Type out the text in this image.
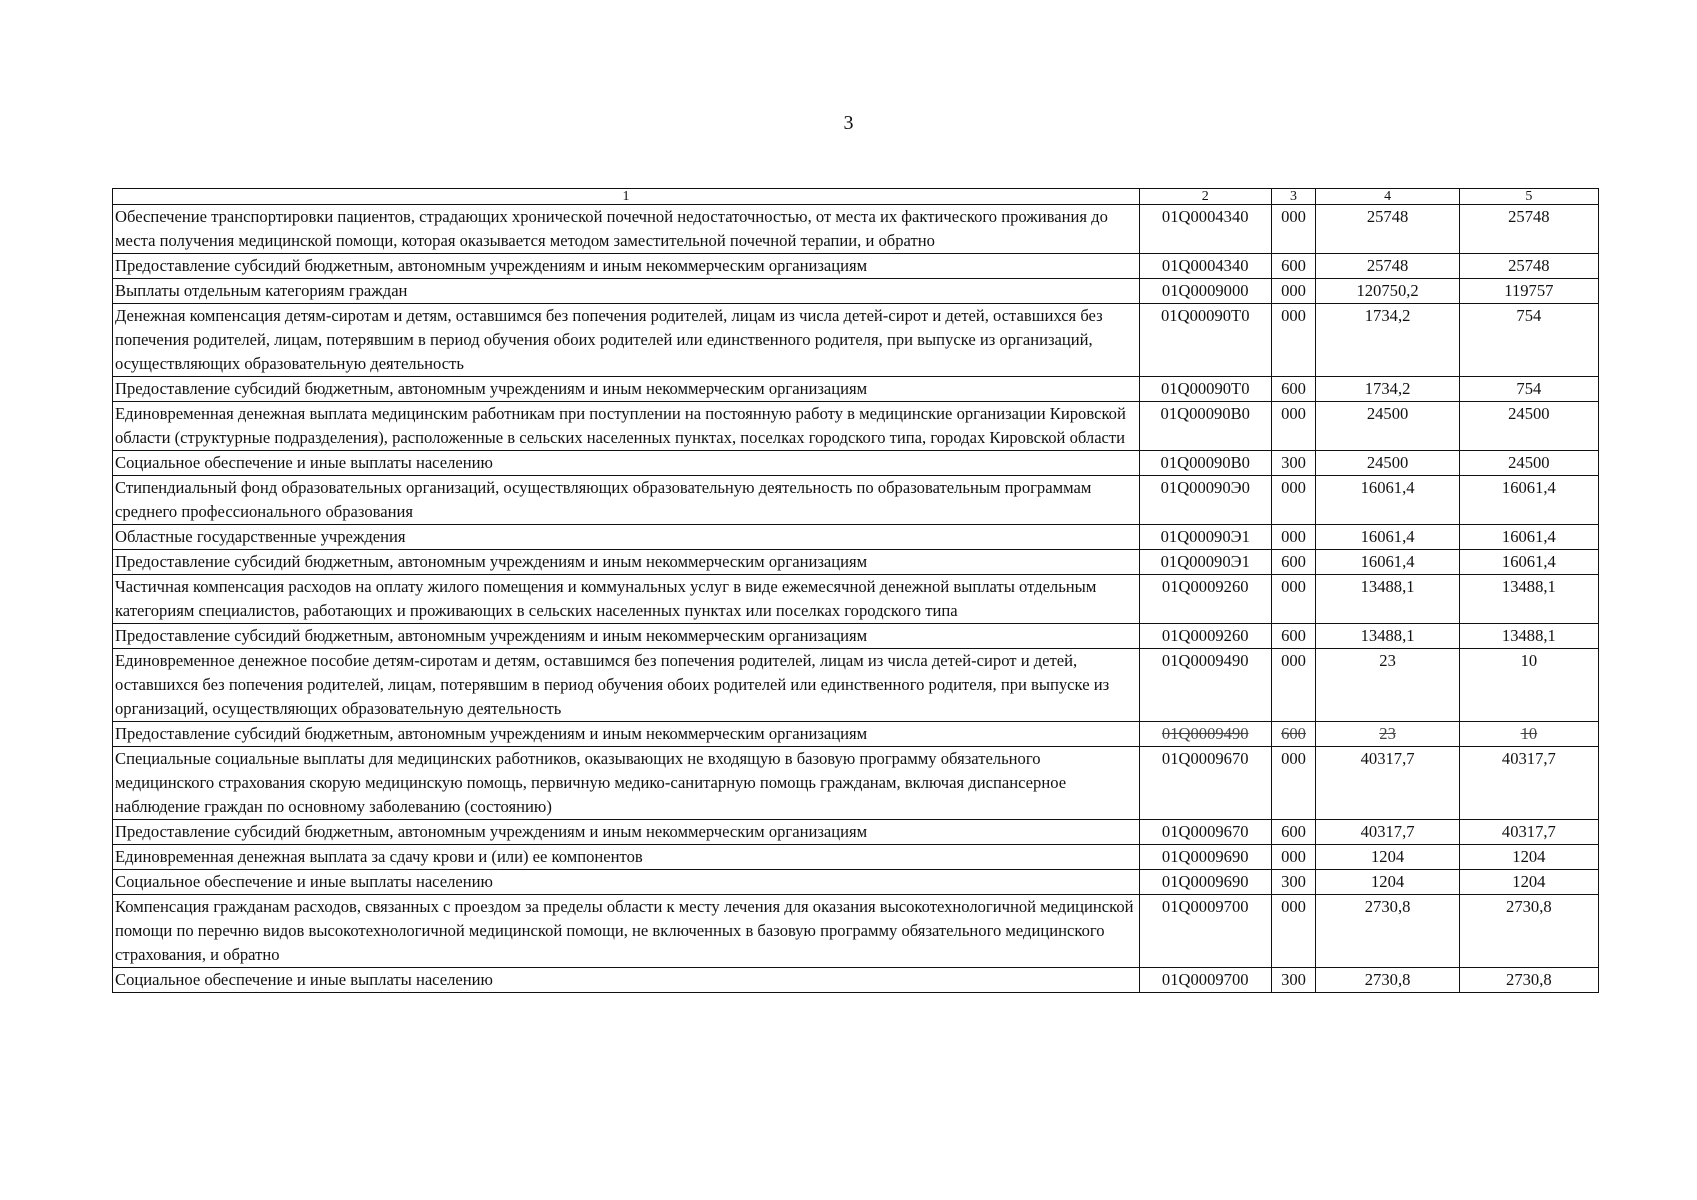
3
1	2	3	4	5
Обеспечение транспортировки пациентов, страдающих хронической почечной недостаточностью, от места их фактического проживания до места получения медицинской помощи, которая оказывается методом заместительной почечной терапии, и обратно	01Q0004340	000	25748	25748
Предоставление субсидий бюджетным, автономным учреждениям и иным некоммерческим организациям	01Q0004340	600	25748	25748
Выплаты отдельным категориям граждан	01Q0009000	000	120750,2	119757
Денежная компенсация детям-сиротам и детям, оставшимся без попечения родителей, лицам из числа детей-сирот и детей, оставшихся без попечения родителей, лицам, потерявшим в период обучения обоих родителей или единственного родителя, при выпуске из организаций, осуществляющих образовательную деятельность	01Q00090T0	000	1734,2	754
Предоставление субсидий бюджетным, автономным учреждениям и иным некоммерческим организациям	01Q00090T0	600	1734,2	754
Единовременная денежная выплата медицинским работникам при поступлении на постоянную работу в медицинские организации Кировской области (структурные подразделения), расположенные в сельских населенных пунктах, поселках городского типа, городах Кировской области	01Q00090B0	000	24500	24500
Социальное обеспечение и иные выплаты населению	01Q00090B0	300	24500	24500
Стипендиальный фонд образовательных организаций, осуществляющих образовательную деятельность по образовательным программам среднего профессионального образования	01Q00090Э0	000	16061,4	16061,4
Областные государственные учреждения	01Q00090Э1	000	16061,4	16061,4
Предоставление субсидий бюджетным, автономным учреждениям и иным некоммерческим организациям	01Q00090Э1	600	16061,4	16061,4
Частичная компенсация расходов на оплату жилого помещения и коммунальных услуг в виде ежемесячной денежной выплаты отдельным категориям специалистов, работающих и проживающих в сельских населенных пунктах или поселках городского типа	01Q0009260	000	13488,1	13488,1
Предоставление субсидий бюджетным, автономным учреждениям и иным некоммерческим организациям	01Q0009260	600	13488,1	13488,1
Единовременное денежное пособие детям-сиротам и детям, оставшимся без попечения родителей, лицам из числа детей-сирот и детей, оставшихся без попечения родителей, лицам, потерявшим в период обучения обоих родителей или единственного родителя, при выпуске из организаций, осуществляющих образовательную деятельность	01Q0009490	000	23	10
Предоставление субсидий бюджетным, автономным учреждениям и иным некоммерческим организациям	01Q0009490	600	23	10
Специальные социальные выплаты для медицинских работников, оказывающих не входящую в базовую программу обязательного медицинского страхования скорую медицинскую помощь, первичную медико-санитарную помощь гражданам, включая диспансерное наблюдение граждан по основному заболеванию (состоянию)	01Q0009670	000	40317,7	40317,7
Предоставление субсидий бюджетным, автономным учреждениям и иным некоммерческим организациям	01Q0009670	600	40317,7	40317,7
Единовременная денежная выплата за сдачу крови и (или) ее компонентов	01Q0009690	000	1204	1204
Социальное обеспечение и иные выплаты населению	01Q0009690	300	1204	1204
Компенсация гражданам расходов, связанных с проездом за пределы области к месту лечения для оказания высокотехнологичной медицинской помощи по перечню видов высокотехнологичной медицинской помощи, не включенных в базовую программу обязательного медицинского страхования, и обратно	01Q0009700	000	2730,8	2730,8
Социальное обеспечение и иные выплаты населению	01Q0009700	300	2730,8	2730,8
